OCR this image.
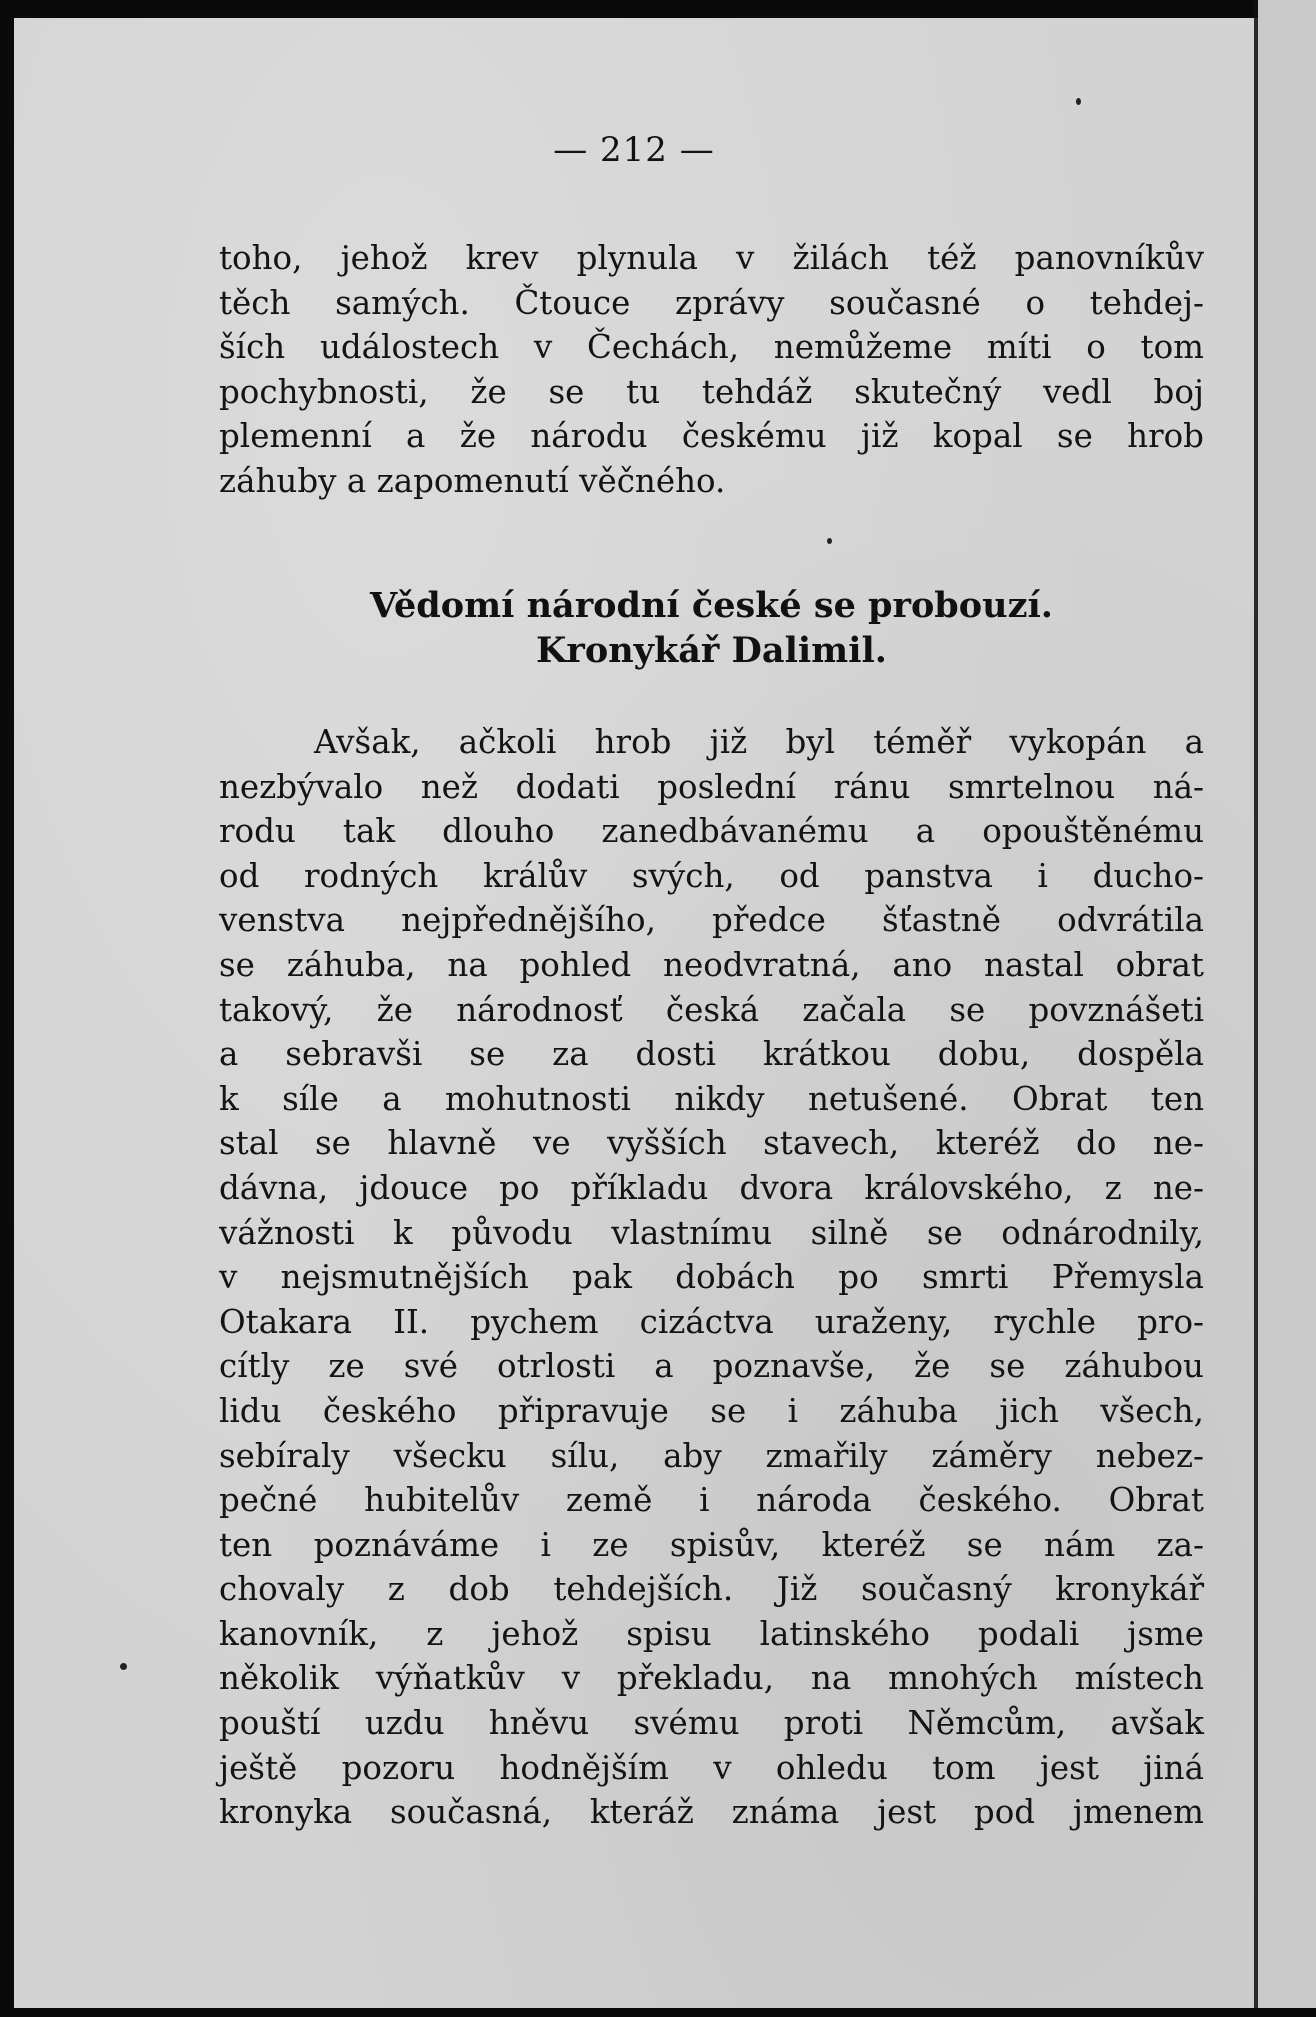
— 212 —
toho, jehož krev plynula v žilách též panovníkův
těch samých. Čtouce zprávy současné o tehdej-
ších událostech v Čechách, nemůžeme míti o tom
pochybnosti, že se tu tehdáž skutečný vedl boj
plemenní a že národu českému již kopal se hrob
záhuby a zapomenutí věčného.
Vědomí národní české se probouzí.
Kronykář Dalimil.
Avšak, ačkoli hrob již byl téměř vykopán a
nezbývalo než dodati poslední ránu smrtelnou ná-
rodu tak dlouho zanedbávanému a opouštěnému
od rodných králův svých, od panstva i ducho-
venstva nejpřednějšího, předce šťastně odvrátila
se záhuba, na pohled neodvratná, ano nastal obrat
takový, že národnosť česká začala se povznášeti
a sebravši se za dosti krátkou dobu, dospěla
k síle a mohutnosti nikdy netušené. Obrat ten
stal se hlavně ve vyšších stavech, kteréž do ne-
dávna, jdouce po příkladu dvora královského, z ne-
vážnosti k původu vlastnímu silně se odnárodnily,
v nejsmutnějších pak dobách po smrti Přemysla
Otakara II. pychem cizáctva uraženy, rychle pro-
cítly ze své otrlosti a poznavše, že se záhubou
lidu českého připravuje se i záhuba jich všech,
sebíraly všecku sílu, aby zmařily záměry nebez-
pečné hubitelův země i národa českého. Obrat
ten poznáváme i ze spisův, kteréž se nám za-
chovaly z dob tehdejších. Již současný kronykář
kanovník, z jehož spisu latinského podali jsme
několik výňatkův v překladu, na mnohých místech
pouští uzdu hněvu svému proti Němcům, avšak
ještě pozoru hodnějším v ohledu tom jest jiná
kronyka současná, kteráž známa jest pod jmenem
